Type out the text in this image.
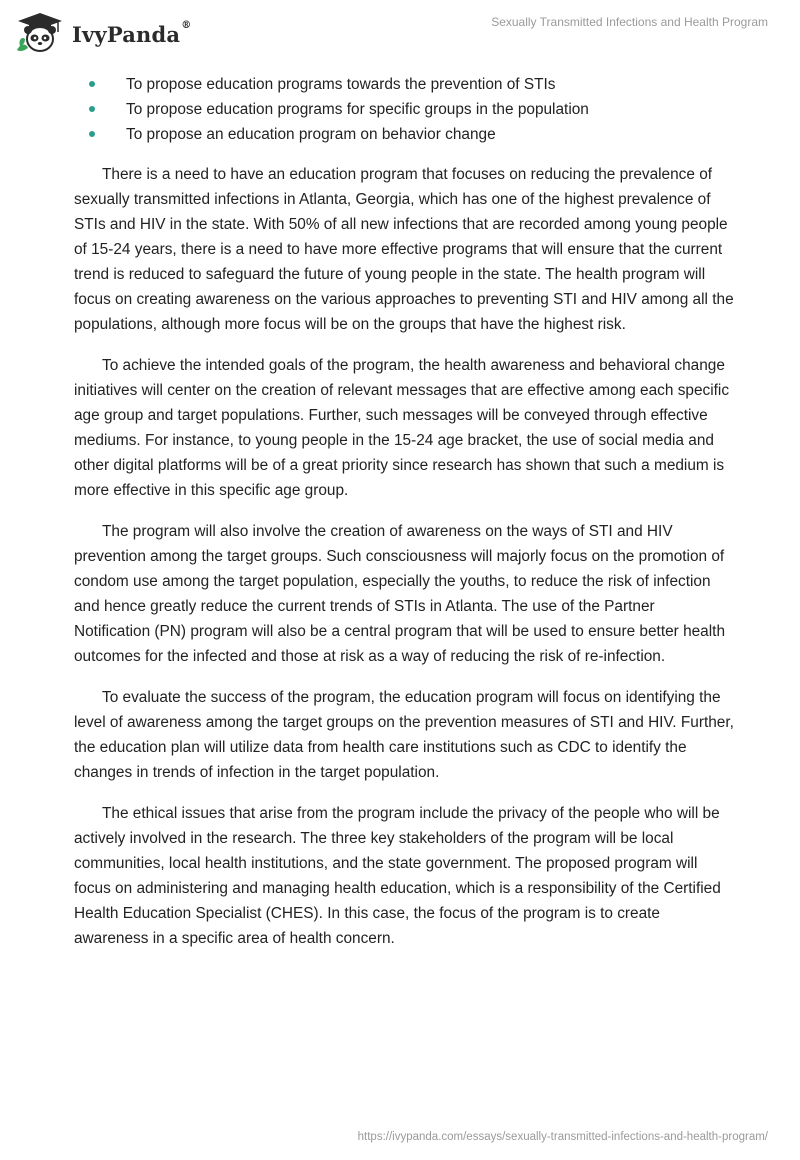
IvyPanda®	Sexually Transmitted Infections and Health Program
To propose education programs towards the prevention of STIs
To propose education programs for specific groups in the population
To propose an education program on behavior change

There is a need to have an education program that focuses on reducing the prevalence of sexually transmitted infections in Atlanta, Georgia, which has one of the highest prevalence of STIs and HIV in the state. With 50% of all new infections that are recorded among young people of 15-24 years, there is a need to have more effective programs that will ensure that the current trend is reduced to safeguard the future of young people in the state. The health program will focus on creating awareness on the various approaches to preventing STI and HIV among all the populations, although more focus will be on the groups that have the highest risk.

To achieve the intended goals of the program, the health awareness and behavioral change initiatives will center on the creation of relevant messages that are effective among each specific age group and target populations. Further, such messages will be conveyed through effective mediums. For instance, to young people in the 15-24 age bracket, the use of social media and other digital platforms will be of a great priority since research has shown that such a medium is more effective in this specific age group.

The program will also involve the creation of awareness on the ways of STI and HIV prevention among the target groups. Such consciousness will majorly focus on the promotion of condom use among the target population, especially the youths, to reduce the risk of infection and hence greatly reduce the current trends of STIs in Atlanta. The use of the Partner Notification (PN) program will also be a central program that will be used to ensure better health outcomes for the infected and those at risk as a way of reducing the risk of re-infection.

To evaluate the success of the program, the education program will focus on identifying the level of awareness among the target groups on the prevention measures of STI and HIV. Further, the education plan will utilize data from health care institutions such as CDC to identify the changes in trends of infection in the target population.

The ethical issues that arise from the program include the privacy of the people who will be actively involved in the research. The three key stakeholders of the program will be local communities, local health institutions, and the state government. The proposed program will focus on administering and managing health education, which is a responsibility of the Certified Health Education Specialist (CHES). In this case, the focus of the program is to create awareness in a specific area of health concern.

https://ivypanda.com/essays/sexually-transmitted-infections-and-health-program/
